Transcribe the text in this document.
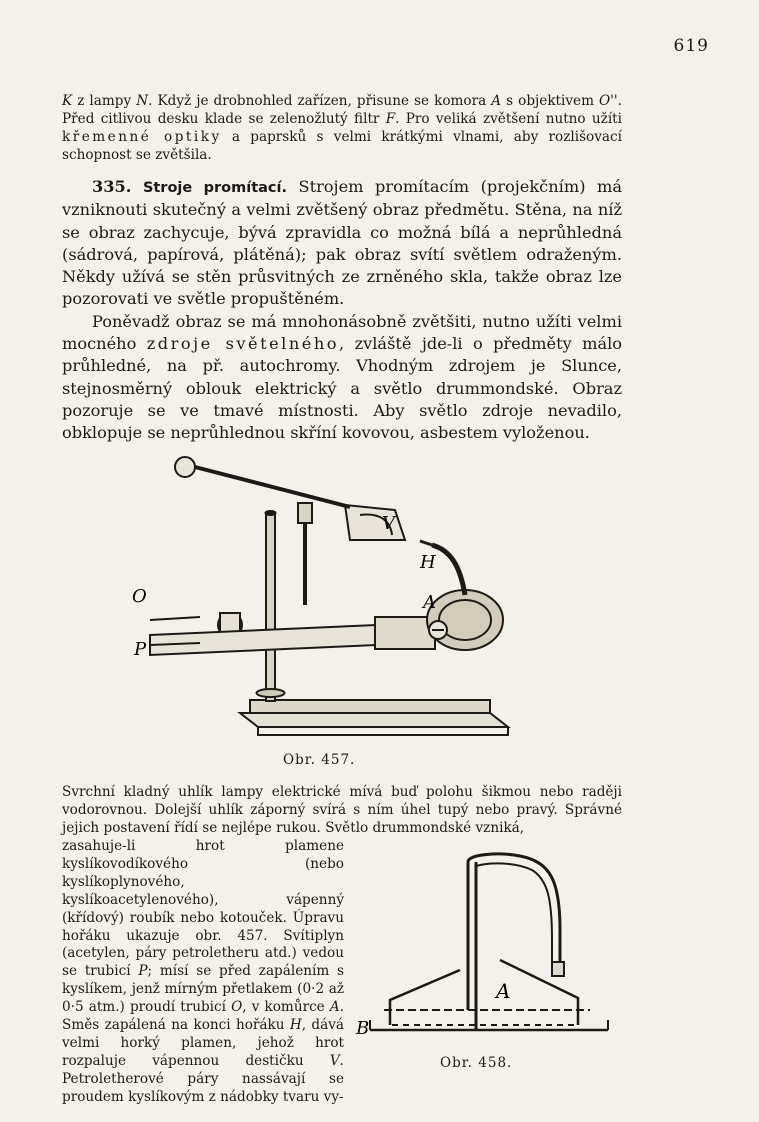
619

K z lampy N. Když je drobnohled zařízen, přisune se komora A s objektivem O''. Před citlivou desku klade se zelenožlutý filtr F. Pro veliká zvětšení nutno užíti křemenné optiky a paprsků s velmi krátkými vlnami, aby rozlišovací schopnost se zvětšila.

335. Stroje promítací. Strojem promítacím (projekčním) má vzniknouti skutečný a velmi zvětšený obraz předmětu. Stěna, na níž se obraz zachycuje, bývá zpravidla co možná bílá a neprůhledná (sádrová, papírová, plátěná); pak obraz svítí světlem odraženým. Někdy užívá se stěn průsvitných ze zrněného skla, takže obraz lze pozorovati ve světle propuštěném.

Poněvadž obraz se má mnohonásobně zvětšiti, nutno užíti velmi mocného zdroje světelného, zvláště jde-li o předměty málo průhledné, na př. autochromy. Vhodným zdrojem je Slunce, stejnosměrný oblouk elektrický a světlo drummondské. Obraz pozoruje se ve tmavé místnosti. Aby světlo zdroje nevadilo, obklopuje se neprůhlednou skříní kovovou, asbestem vyloženou.

V
H
A
O
P
Obr. 457.

Svrchní kladný uhlík lampy elektrické mívá buď polohu šikmou nebo raději vodorovnou. Dolejší uhlík záporný svírá s ním úhel tupý nebo pravý. Správné jejich postavení řídí se nejlépe rukou. Světlo drummondské vzniká,

zasahuje-li hrot plamene kyslíkovodíkového (nebo kyslíkoplynového, kyslíkoacetylenového), vápenný (křídový) roubík nebo kotouček. Úpravu hořáku ukazuje obr. 457. Svítiplyn (acetylen, páry petroletheru atd.) vedou se trubicí P; mísí se před zapálením s kyslíkem, jenž mírným přetlakem (0·2 až 0·5 atm.) proudí trubicí O, v komůrce A. Směs zapálená na konci hořáku H, dává velmi horký plamen, jehož hrot rozpaluje vápennou destičku V. Petroletherové páry nassávají se proudem kyslíkovým z nádobky tvaru vy-

A
B
Obr. 458.
